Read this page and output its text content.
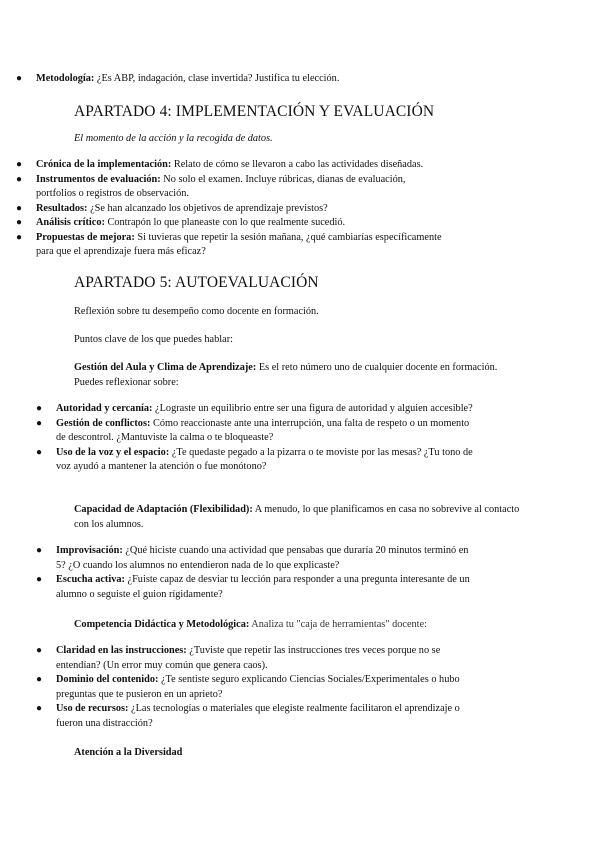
● Metodología: ¿Es ABP, indagación, clase invertida? Justifica tu elección.
APARTADO 4: IMPLEMENTACIÓN Y EVALUACIÓN
El momento de la acción y la recogida de datos.
● Crónica de la implementación: Relato de cómo se llevaron a cabo las actividades diseñadas.
● Instrumentos de evaluación: No solo el examen. Incluye rúbricas, dianas de evaluación, portfolios o registros de observación.
● Resultados: ¿Se han alcanzado los objetivos de aprendizaje previstos?
● Análisis crítico: Contrapón lo que planeaste con lo que realmente sucedió.
● Propuestas de mejora: Si tuvieras que repetir la sesión mañana, ¿qué cambiarías específicamente para que el aprendizaje fuera más eficaz?
APARTADO 5: AUTOEVALUACIÓN
Reflexión sobre tu desempeño como docente en formación.
Puntos clave de los que puedes hablar:
Gestión del Aula y Clima de Aprendizaje: Es el reto número uno de cualquier docente en formación. Puedes reflexionar sobre:
● Autoridad y cercanía: ¿Lograste un equilibrio entre ser una figura de autoridad y alguien accesible?
● Gestión de conflictos: Cómo reaccionaste ante una interrupción, una falta de respeto o un momento de descontrol. ¿Mantuviste la calma o te bloqueaste?
● Uso de la voz y el espacio: ¿Te quedaste pegado a la pizarra o te moviste por las mesas? ¿Tu tono de voz ayudó a mantener la atención o fue monótono?
Capacidad de Adaptación (Flexibilidad): A menudo, lo que planificamos en casa no sobrevive al contacto con los alumnos.
● Improvisación: ¿Qué hiciste cuando una actividad que pensabas que duraría 20 minutos terminó en 5? ¿O cuando los alumnos no entendieron nada de lo que explicaste?
● Escucha activa: ¿Fuiste capaz de desviar tu lección para responder a una pregunta interesante de un alumno o seguiste el guion rígidamente?
Competencia Didáctica y Metodológica: Analiza tu "caja de herramientas" docente:
● Claridad en las instrucciones: ¿Tuviste que repetir las instrucciones tres veces porque no se entendían? (Un error muy común que genera caos).
● Dominio del contenido: ¿Te sentiste seguro explicando Ciencias Sociales/Experimentales o hubo preguntas que te pusieron en un aprieto?
● Uso de recursos: ¿Las tecnologías o materiales que elegiste realmente facilitaron el aprendizaje o fueron una distracción?
Atención a la Diversidad
